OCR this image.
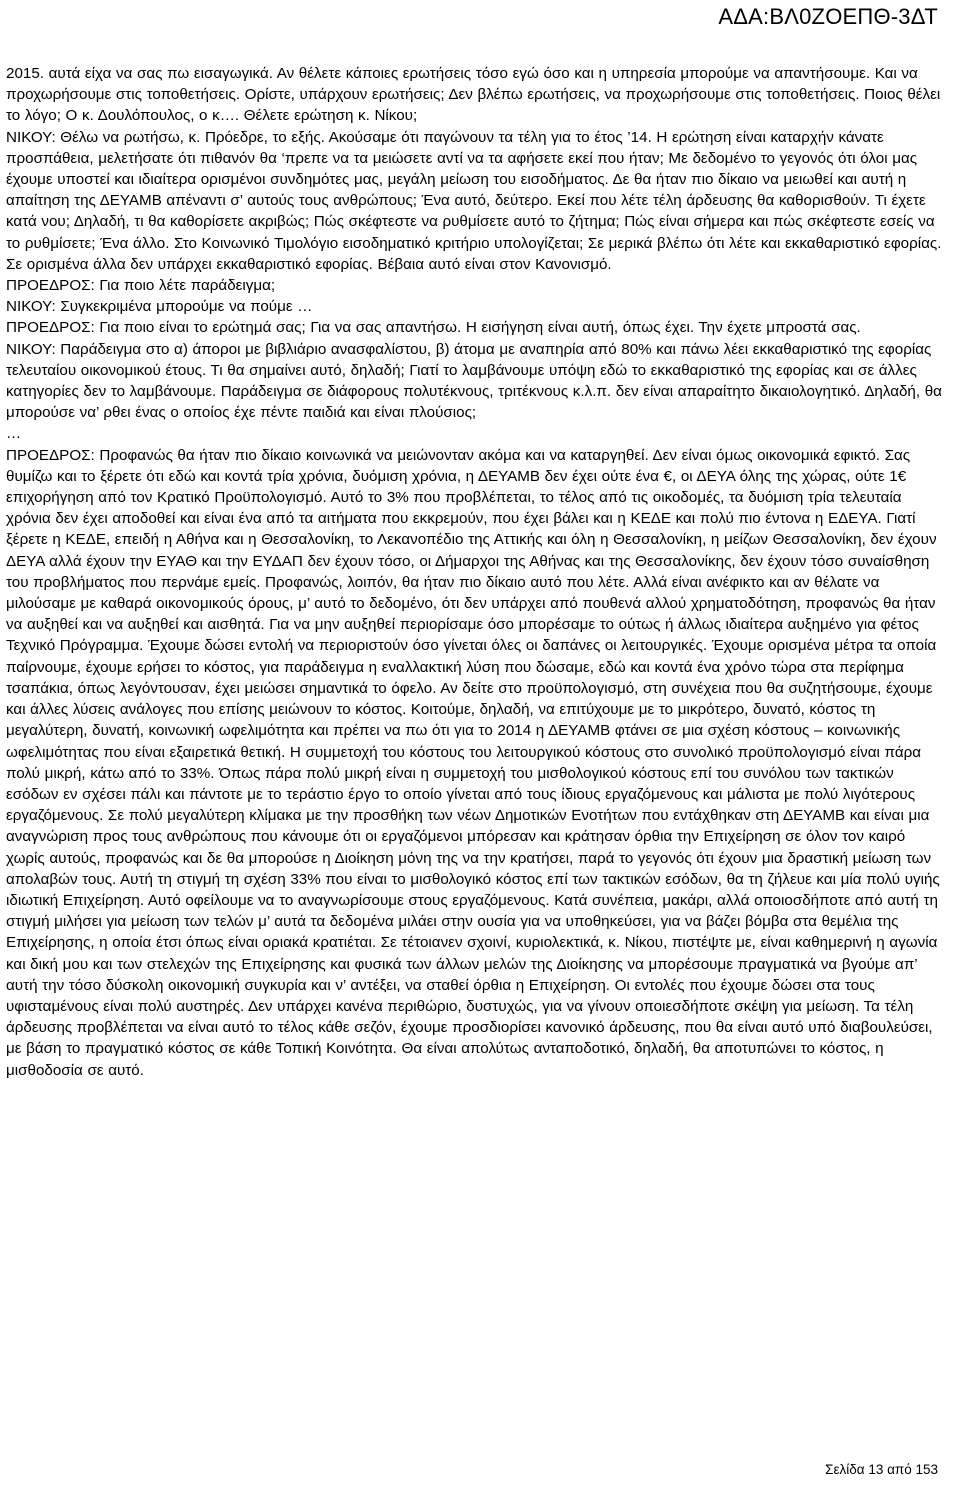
ΑΔΑ:ΒΛ0ΖΟΕΠΘ-3ΔΤ

2015. αυτά είχα να σας πω εισαγωγικά. Αν θέλετε κάποιες ερωτήσεις τόσο εγώ όσο και η υπηρεσία μπορούμε να απαντήσουμε. Και να προχωρήσουμε στις τοποθετήσεις. Ορίστε, υπάρχουν ερωτήσεις; Δεν βλέπω ερωτήσεις, να προχωρήσουμε στις τοποθετήσεις. Ποιος θέλει το λόγο; Ο κ. Δουλόπουλος, ο κ…. Θέλετε ερώτηση κ. Νίκου;

ΝΙΚΟΥ: Θέλω να ρωτήσω, κ. Πρόεδρε, το εξής. Ακούσαμε ότι παγώνουν τα τέλη για το έτος ’14. Η ερώτηση είναι καταρχήν κάνατε προσπάθεια, μελετήσατε ότι πιθανόν θα ‘πρεπε να τα μειώσετε αντί να τα αφήσετε εκεί που ήταν; Με δεδομένο το γεγονός ότι όλοι μας έχουμε υποστεί και ιδιαίτερα ορισμένοι συνδημότες μας, μεγάλη μείωση του εισοδήματος. Δε θα ήταν πιο δίκαιο να μειωθεί και αυτή η απαίτηση της ΔΕΥΑΜΒ απέναντι σ’ αυτούς τους ανθρώπους; Ένα αυτό, δεύτερο. Εκεί που λέτε τέλη άρδευσης θα καθορισθούν. Τι έχετε κατά νου; Δηλαδή, τι θα καθορίσετε ακριβώς; Πώς σκέφτεστε να ρυθμίσετε αυτό το ζήτημα; Πώς είναι σήμερα και πώς σκέφτεστε εσείς να το ρυθμίσετε; Ένα άλλο. Στο Κοινωνικό Τιμολόγιο εισοδηματικό κριτήριο υπολογίζεται; Σε μερικά βλέπω ότι λέτε και εκκαθαριστικό εφορίας. Σε ορισμένα άλλα δεν υπάρχει εκκαθαριστικό εφορίας. Βέβαια αυτό είναι στον Κανονισμό.

ΠΡΟΕΔΡΟΣ: Για ποιο λέτε παράδειγμα;

ΝΙΚΟΥ: Συγκεκριμένα μπορούμε να πούμε …

ΠΡΟΕΔΡΟΣ: Για ποιο είναι το ερώτημά σας; Για να σας απαντήσω. Η εισήγηση είναι αυτή, όπως έχει. Την έχετε μπροστά σας.

ΝΙΚΟΥ: Παράδειγμα στο α) άποροι με βιβλιάριο ανασφαλίστου, β) άτομα με αναπηρία από 80% και πάνω λέει εκκαθαριστικό της εφορίας τελευταίου οικονομικού έτους. Τι θα σημαίνει αυτό, δηλαδή; Γιατί το λαμβάνουμε υπόψη εδώ το εκκαθαριστικό της εφορίας και σε άλλες κατηγορίες δεν το λαμβάνουμε. Παράδειγμα σε διάφορους πολυτέκνους, τριτέκνους κ.λ.π. δεν είναι απαραίτητο δικαιολογητικό. Δηλαδή, θα μπορούσε να’ ρθει ένας ο οποίος έχε πέντε παιδιά και είναι πλούσιος;

…

ΠΡΟΕΔΡΟΣ: Προφανώς θα ήταν πιο δίκαιο κοινωνικά να μειώνονταν ακόμα και να καταργηθεί. Δεν είναι όμως οικονομικά εφικτό. Σας θυμίζω και το ξέρετε ότι εδώ και κοντά τρία χρόνια, δυόμιση χρόνια, η ΔΕΥΑΜΒ δεν έχει ούτε ένα €, οι ΔΕΥΑ όλης της χώρας, ούτε 1€ επιχορήγηση από τον Κρατικό Προϋπολογισμό. Αυτό το 3% που προβλέπεται, το τέλος από τις οικοδομές, τα δυόμιση τρία τελευταία χρόνια δεν έχει αποδοθεί και είναι ένα από τα αιτήματα που εκκρεμούν, που έχει βάλει και η ΚΕΔΕ και πολύ πιο έντονα η ΕΔΕΥΑ. Γιατί ξέρετε η ΚΕΔΕ, επειδή η Αθήνα και η Θεσσαλονίκη, το Λεκανοπέδιο της Αττικής και όλη η Θεσσαλονίκη, η μείζων Θεσσαλονίκη, δεν έχουν ΔΕΥΑ αλλά έχουν την ΕΥΑΘ και την ΕΥΔΑΠ δεν έχουν τόσο, οι Δήμαρχοι της Αθήνας και της Θεσσαλονίκης, δεν έχουν τόσο συναίσθηση του προβλήματος που περνάμε εμείς. Προφανώς, λοιπόν, θα ήταν πιο δίκαιο αυτό που λέτε. Αλλά είναι ανέφικτο και αν θέλατε να μιλούσαμε με καθαρά οικονομικούς όρους, μ’ αυτό το δεδομένο, ότι δεν υπάρχει από πουθενά αλλού χρηματοδότηση, προφανώς θα ήταν να αυξηθεί και να αυξηθεί και αισθητά. Για να μην αυξηθεί περιορίσαμε όσο μπορέσαμε το ούτως ή άλλως ιδιαίτερα αυξημένο για φέτος Τεχνικό Πρόγραμμα. Έχουμε δώσει εντολή να περιοριστούν όσο γίνεται όλες οι δαπάνες οι λειτουργικές. Έχουμε ορισμένα μέτρα τα οποία παίρνουμε, έχουμε ερήσει το κόστος, για παράδειγμα η εναλλακτική λύση που δώσαμε, εδώ και κοντά ένα χρόνο τώρα στα περίφημα τσαπάκια, όπως λεγόντουσαν, έχει μειώσει σημαντικά το όφελο. Αν δείτε στο προϋπολογισμό, στη συνέχεια που θα συζητήσουμε, έχουμε και άλλες λύσεις ανάλογες που επίσης μειώνουν το κόστος. Κοιτούμε, δηλαδή, να επιτύχουμε με το μικρότερο, δυνατό, κόστος τη μεγαλύτερη, δυνατή, κοινωνική ωφελιμότητα και πρέπει να πω ότι για το 2014 η ΔΕΥΑΜΒ φτάνει σε μια σχέση κόστους – κοινωνικής ωφελιμότητας που είναι εξαιρετικά θετική. Η συμμετοχή του κόστους του λειτουργικού κόστους στο συνολικό προϋπολογισμό είναι πάρα πολύ μικρή, κάτω από το 33%. Όπως πάρα πολύ μικρή είναι η συμμετοχή του μισθολογικού κόστους επί του συνόλου των τακτικών εσόδων εν σχέσει πάλι και πάντοτε με το τεράστιο έργο το οποίο γίνεται από τους ίδιους εργαζόμενους και μάλιστα με πολύ λιγότερους εργαζόμενους. Σε πολύ μεγαλύτερη κλίμακα με την προσθήκη των νέων Δημοτικών Ενοτήτων που εντάχθηκαν στη ΔΕΥΑΜΒ και είναι μια αναγνώριση προς τους ανθρώπους που κάνουμε ότι οι εργαζόμενοι μπόρεσαν και κράτησαν όρθια την Επιχείρηση σε όλον τον καιρό χωρίς αυτούς, προφανώς και δε θα μπορούσε η Διοίκηση μόνη της να την κρατήσει, παρά το γεγονός ότι έχουν μια δραστική μείωση των απολαβών τους. Αυτή τη στιγμή τη σχέση 33% που είναι το μισθολογικό κόστος επί των τακτικών εσόδων, θα τη ζήλευε και μία πολύ υγιής ιδιωτική Επιχείρηση. Αυτό οφείλουμε να το αναγνωρίσουμε στους εργαζόμενους. Κατά συνέπεια, μακάρι, αλλά οποιοσδήποτε από αυτή τη στιγμή μιλήσει για μείωση των τελών μ’ αυτά τα δεδομένα μιλάει στην ουσία για να υποθηκεύσει, για να βάζει βόμβα στα θεμέλια της Επιχείρησης, η οποία έτσι όπως είναι οριακά κρατιέται. Σε τέτοιανεν σχοινί, κυριολεκτικά, κ. Νίκου, πιστέψτε με, είναι καθημερινή η αγωνία και δική μου και των στελεχών της Επιχείρησης και φυσικά των άλλων μελών της Διοίκησης να μπορέσουμε πραγματικά να βγούμε απ’ αυτή την τόσο δύσκολη οικονομική συγκυρία και ν’ αντέξει, να σταθεί όρθια η Επιχείρηση. Οι εντολές που έχουμε δώσει στα τους υφισταμένους είναι πολύ αυστηρές. Δεν υπάρχει κανένα περιθώριο, δυστυχώς, για να γίνουν οποιεσδήποτε σκέψη για μείωση. Τα τέλη άρδευσης προβλέπεται να είναι αυτό το τέλος κάθε σεζόν, έχουμε προσδιορίσει κανονικό άρδευσης, που θα είναι αυτό υπό διαβουλεύσει, με βάση το πραγματικό κόστος σε κάθε Τοπική Κοινότητα. Θα είναι απολύτως ανταποδοτικό, δηλαδή, θα αποτυπώνει το κόστος, η μισθοδοσία σε αυτό.

Σελίδα 13 από 153
